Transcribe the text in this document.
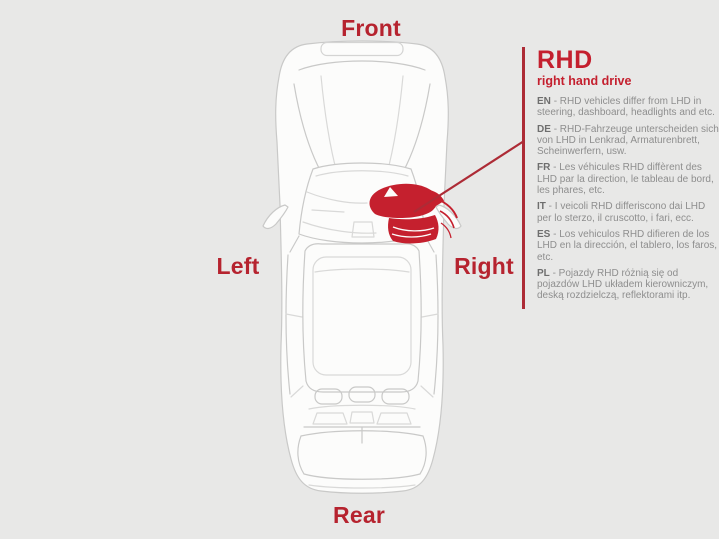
Front
Left	Right
Rear
RHD
right hand drive

EN - RHD vehicles differ from LHD in steering, dashboard, headlights and etc.

DE - RHD-Fahrzeuge unterscheiden sich von LHD in Lenkrad, Armaturenbrett, Scheinwerfern, usw.

FR - Les véhicules RHD diffèrent des LHD par la direction, le tableau de bord, les phares, etc.

IT - I veicoli RHD differiscono dai LHD per lo sterzo, il cruscotto, i fari, ecc.

ES - Los vehiculos RHD difieren de los LHD en la dirección, el tablero, los faros, etc.

PL - Pojazdy RHD różnią się od pojazdów LHD układem kierowniczym, deską rozdzielczą, reflektorami itp.
